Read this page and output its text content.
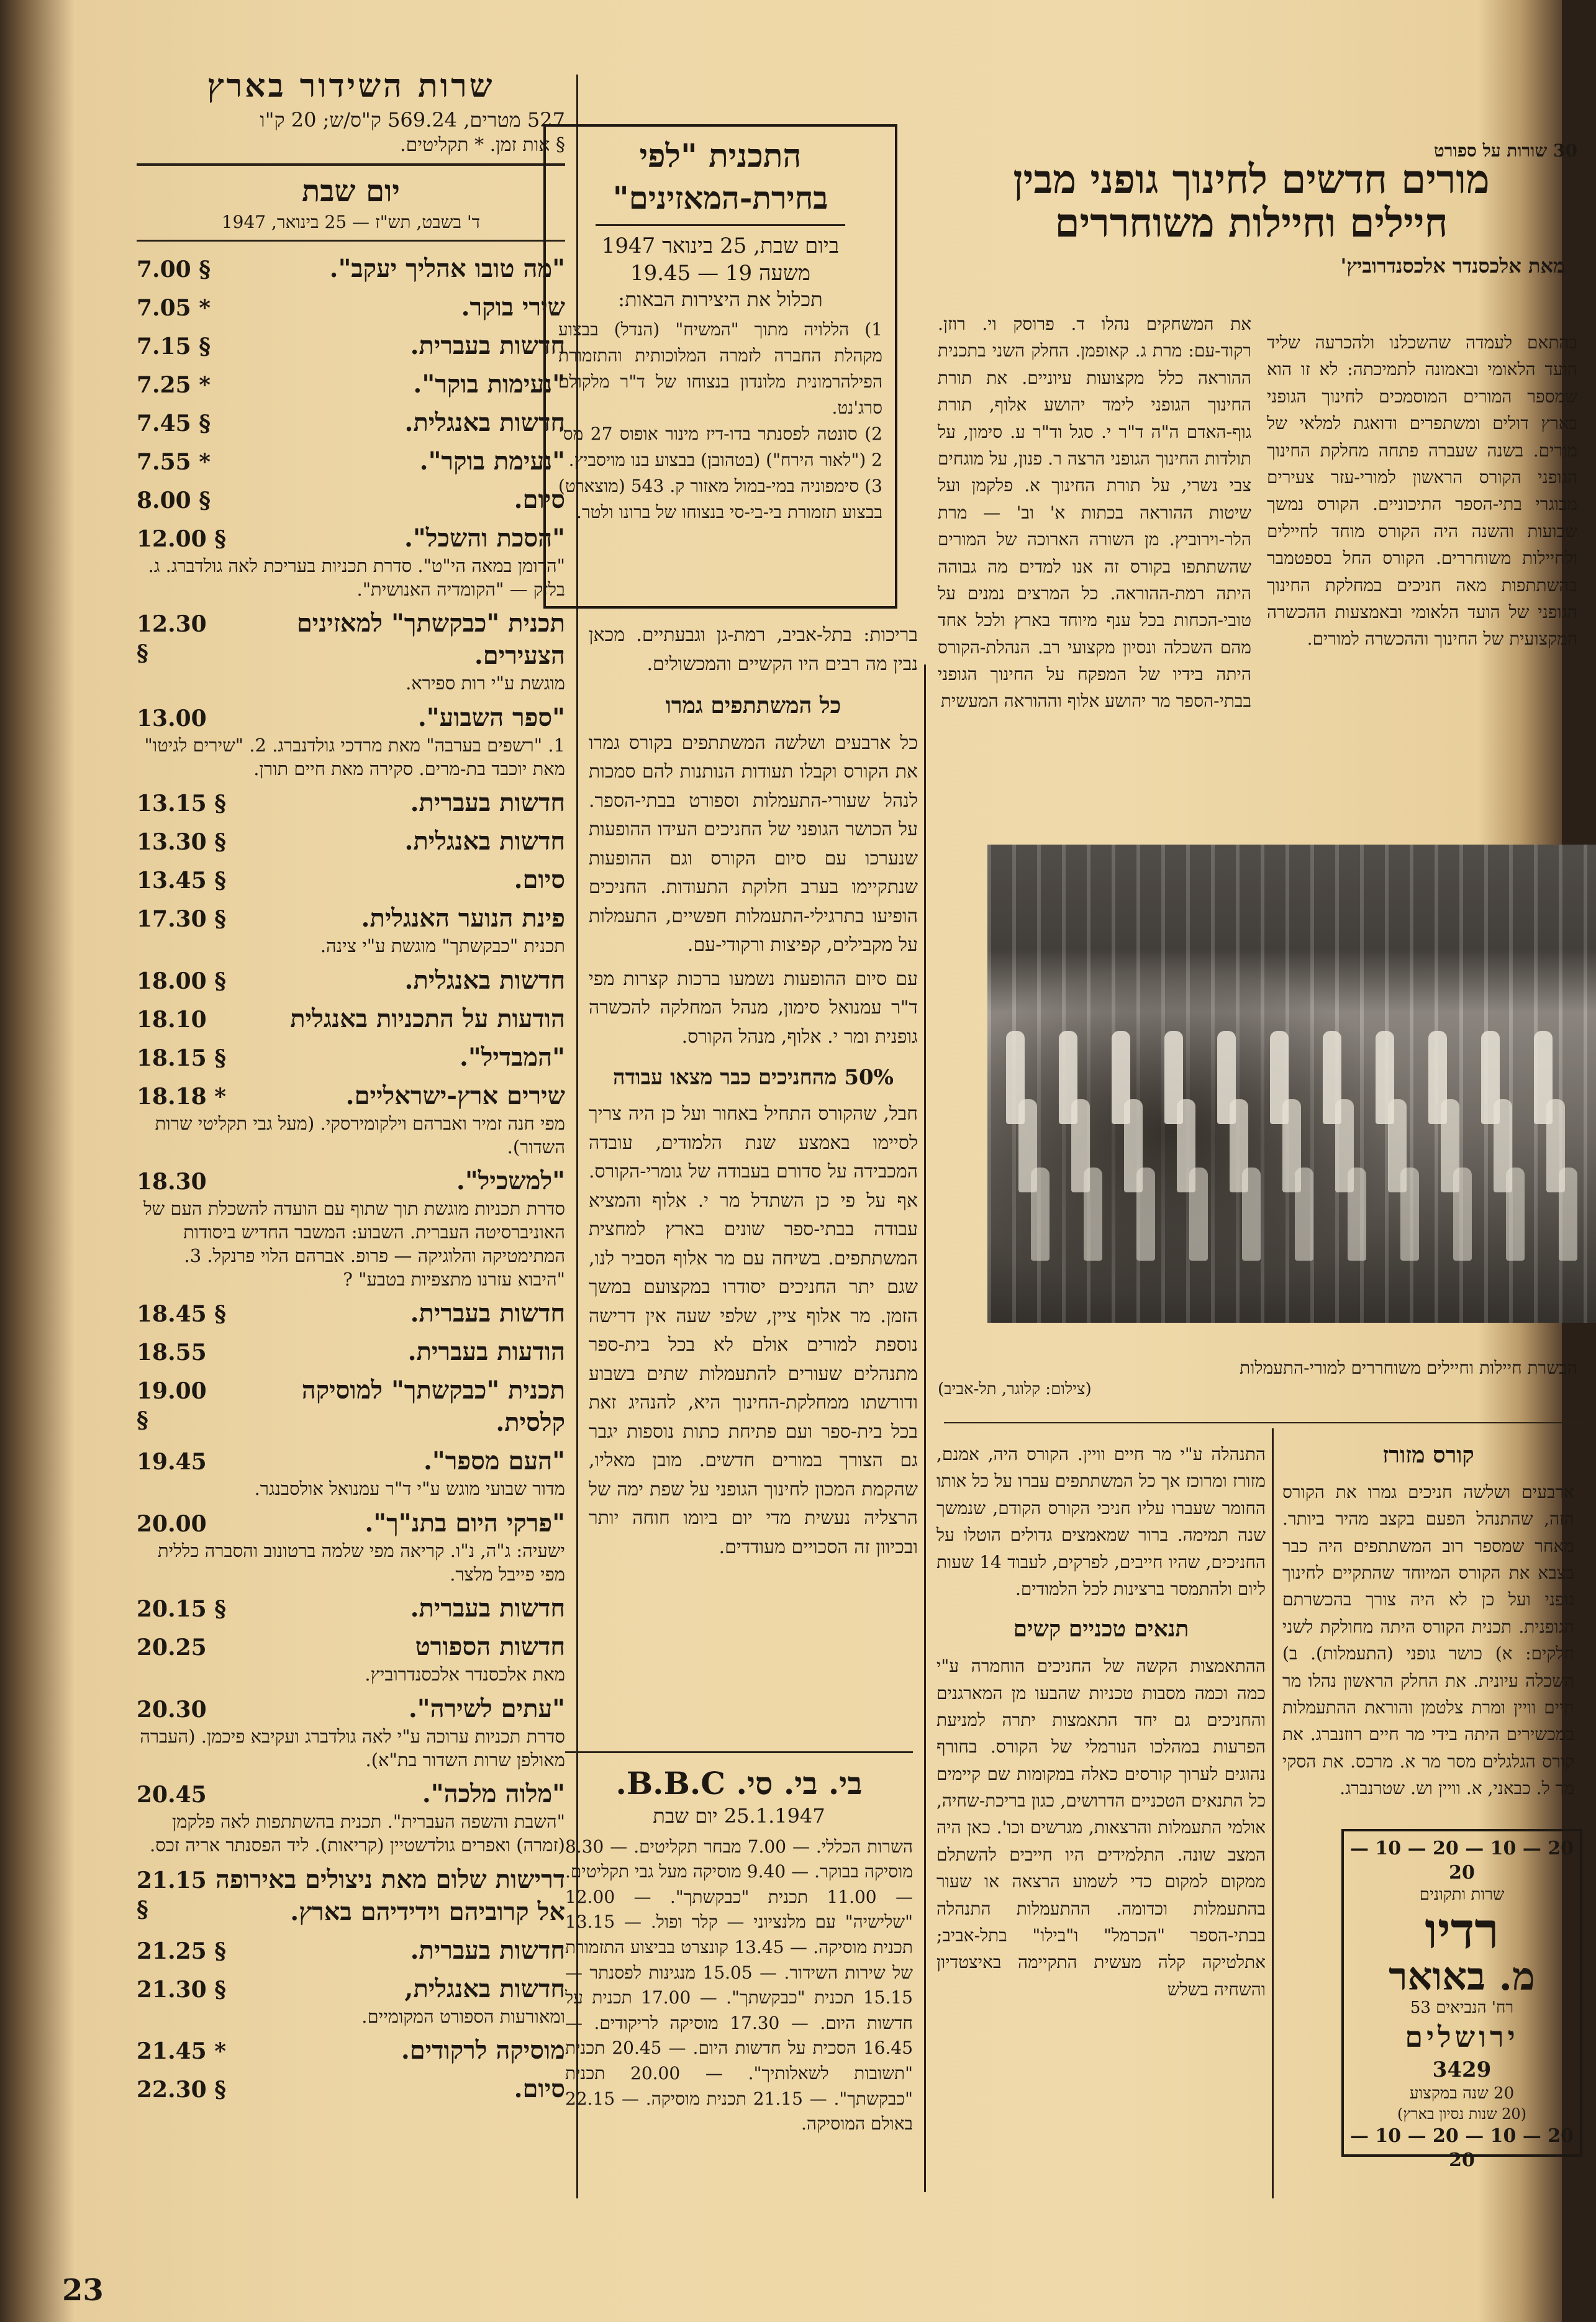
שרות השידור בארץ
527 מטרים, 569.24 ק"ס/ש; 20 ק"ו
§ אות זמן. * תקליטים.
יום שבת
ד' בשבט, תש"ז — 25 בינואר, 1947
"מה טובו אהליך יעקב".
7.00 §
שירי בוקר.
7.05 *
חדשות בעברית.
7.15 §
"נעימות בוקר".
7.25 *
חדשות באנגלית.
7.45 §
"נעימת בוקר".
7.55 *
סיום.
8.00 §
"הסכת והשכל".
12.00 §
"הרומן במאה הי"ט". סדרת תכניות בעריכת לאה גולדברג. ג. בלזק — "הקומדיה האנושית".
תכנית "כבקשתך" למאזינים הצעירים.
12.30 §
מוגשת ע"י רות ספירא.
"ספר השבוע".
13.00
1. "רשפים בערבה" מאת מרדכי גולדנברג. 2. "שירים לגיטו" מאת יוכבד בת-מרים. סקירה מאת חיים תורן.
חדשות בעברית.
13.15 §
חדשות באנגלית.
13.30 §
סיום.
13.45 §
פינת הנוער האנגלית.
17.30 §
תכנית "כבקשתך" מוגשת ע"י צינה.
חדשות באנגלית.
18.00 §
הודעות על התכניות באנגלית
18.10
"המבדיל".
18.15 §
שירים ארץ-ישראליים.
18.18 *
מפי חנה זמיר ואברהם וילקומירסקי. (מעל גבי תקליטי שרות השדור).
"למשכיל".
18.30
סדרת תכניות מוגשת תוך שתוף עם הועדה להשכלת העם של האוניברסיטה העברית. השבוע: המשבר החדיש ביסודות המתימטיקה והלוגיקה — פרופ. אברהם הלוי פרנקל. 3. "היבוא עזרנו מתצפיות בטבע" ?
חדשות בעברית.
18.45 §
הודעות בעברית.
18.55
תכנית "כבקשתך" למוסיקה קלסית.
19.00 §
"העם מספר".
19.45
מדור שבועי מוגש ע"י ד"ר עמנואל אולסבנגר.
"פרקי היום בתנ"ך".
20.00
ישעיה: ג"ה, נ"ו. קריאה מפי שלמה ברטונוב והסברה כללית מפי פייבל מלצר.
חדשות בעברית.
20.15 §
חדשות הספורט
20.25
מאת אלכסנדר אלכסנדרוביץ.
"עתים לשירה".
20.30
סדרת תכניות ערוכה ע"י לאה גולדברג ועקיבא פיכמן. (העברה מאולפן שרות השדור בת"א).
"מלוה מלכה".
20.45
"השבת והשפה העברית". תכנית בהשתתפות לאה פלקמן (זמרה) ואפרים גולדשטיין (קריאות). ליד הפסנתר אריה זכס.
דרישות שלום מאת ניצולים באירופה אל קרוביהם וידידיהם בארץ.
21.15 §
חדשות בעברית.
21.25 §
חדשות באנגלית,
21.30 §
ומאורעות הספורט המקומיים.
מוסיקה לרקודים.
21.45 *
סיום.
22.30 §
התכנית "לפי
בחירת-המאזינים"
ביום שבת, 25 בינואר 1947
משעה 19 — 19.45
תכלול את היצירות הבאות:
1) הללויה מתוך "המשיח" (הנדל) בבצוע מקהלת החברה לזמרה המלוכותית והתזמורת הפילהרמונית מלונדון בנצוחו של ד"ר מלקולם סרג'נט.
2) סונטה לפסנתר בדו-דיז מינור אופוס 27 מס' 2 ("לאור הירח") (בטהובן) בבצוע בנו מויסביץ.
3) סימפוניה במי-במול מאזור ק. 543 (מוצארט) בבצוע תזמורת בי-בי-סי בנצוחו של ברונו ולטר.

בריכות: בתל-אביב, רמת-גן וגבעתיים. מכאן נבין מה רבים היו הקשיים והמכשולים.

כל המשתתפים גמרו

כל ארבעים ושלשה המשתתפים בקורס גמרו את הקורס וקבלו תעודות הנותנות להם סמכות לנהל שעורי-התעמלות וספורט בבתי-הספר. על הכושר הגופני של החניכים העידו ההופעות שנערכו עם סיום הקורס וגם ההופעות שנתקיימו בערב חלוקת התעודות. החניכים הופיעו בתרגילי-התעמלות חפשיים, התעמלות על מקבילים, קפיצות ורקודי-עם.

עם סיום ההופעות נשמעו ברכות קצרות מפי ד"ר עמנואל סימון, מנהל המחלקה להכשרה גופנית ומר י. אלוף, מנהל הקורס.

50% מהחניכים כבר מצאו עבודה

חבל, שהקורס התחיל באחור ועל כן היה צריך לסיימו באמצע שנת הלמודים, עובדה המכבידה על סדורם בעבודה של גומרי-הקורס. אף על פי כן השתדל מר י. אלוף והמציא עבודה בבתי-ספר שונים בארץ למחצית המשתתפים. בשיחה עם מר אלוף הסביר לנו, שגם יתר החניכים יסודרו במקצועם במשך הזמן. מר אלוף ציין, שלפי שעה אין דרישה נוספת למורים אולם לא בכל בית-ספר מתנהלים שעורים להתעמלות שתים בשבוע ודורשתו ממחלקת-החינוך היא, להנהיג זאת בכל בית-ספר ועם פתיחת כתות נוספות יגבר גם הצורך במורים חדשים. מובן מאליו, שהקמת המכון לחינוך הגופני על שפת ימה של הרצליה נעשית מדי יום ביומו חוחה יותר ובכיוון זה הסכויים מעודדים.

בי. בי. סי. B.B.C.
25.1.1947 יום שבת

השרות הכללי. — 7.00 מבחר תקליטים. — 8.30 מוסיקה בבוקר. — 9.40 מוסיקה מעל גבי תקליטים. — 11.00 תכנית "כבקשתך". — 12.00 "שלישיה" עם מלנציוני — קלר ופול. — 13.15 תכנית מוסיקה. — 13.45 קונצרט בביצוע התזמורת של שירות השידור. — 15.05 מנגינות לפסנתר — 15.15 תכנית "כבקשתך". — 17.00 תכנית על חדשות היום. — 17.30 מוסיקה לריקודים. — 16.45 הסכית על חדשות היום. — 20.45 תכנית "תשובות לשאלותיך". — 20.00 תכנית "כבקשתך". — 21.15 תכנית מוסיקה. — 22.15 באולם המוסיקה.

30 שורות על ספורט
מורים חדשים לחינוך גופני מבין
חיילים וחיילות משוחררים
מאת אלכסנדר אלכסנדרוביץ'

בהתאם לעמדה שהשכלנו ולהכרעה שליד הועד הלאומי ובאמונה לתמיכתה: לא זו הוא שמספר המורים המוסמכים לחינוך הגופני בארץ דולים ומשתפרים ודואגת למלאי של מורים. בשנה שעברה פתחה מחלקת החינוך הגופני הקורס הראשון למורי-עזר צעירים מבוגרי בתי-הספר התיכוניים. הקורס נמשך שבועות והשנה היה הקורס מוחד לחיילים ולחיילות משוחררים. הקורס החל בספטמבר בהשתתפות מאה חניכים במחלקת החינוך הגופני של הועד הלאומי ובאמצעות ההכשרה המקצועית של החינוך וההכשרה למורים.

את המשחקים נהלו ד. פרוסק וי. רוזן. רקוד-עם: מרת ג. קאופמן. החלק השני בתכנית ההוראה כלל מקצועות עיוניים. את תורת החינוך הגופני לימד יהושע אלוף, תורת גוף-האדם ה"ה ד"ר י. סגל וד"ר ע. סימון, על תולדות החינוך הגופני הרצה ר. פנון, על מוגחים צבי נשרי, על תורת החינוך א. פלקמן ועל שיטות ההוראה בכתות א' וב' — מרת הלר-וירוביץ. מן השורה הארוכה של המורים שהשתתפו בקורס זה אנו למדים מה גבוהה היתה רמת-ההוראה. כל המרצים נמנים על טובי-הכחות בכל ענף מיוחד בארץ ולכל אחד מהם השכלה ונסיון מקצועי רב. הנהלת-הקורס היתה בידיו של המפקח על החינוך הגופני בבתי-הספר מר יהושע אלוף וההוראה המעשית

הכשרת חיילות וחיילים משוחררים למורי-התעמלות
(צילום: קלוגר, תל-אביב)
קורס מזורז

ארבעים ושלשה חניכים גמרו את הקורס הזה, שהתנהל הפעם בקצב מהיר ביותר. מאחר שמספר רוב המשתתפים היה כבר בצבא את הקורס המיוחד שהתקיים לחינוך גופני ועל כן לא היה צורך בהכשרתם הגופנית. תכנית הקורס היתה מחולקת לשני חלקים: א) כושר גופני (התעמלות). ב) השכלה עיונית. את החלק הראשון נהלו מר חיים וויין ומרת צלטמן והוראת ההתעמלות במכשירים היתה בידי מר חיים רוזנברג. את קורס הגלגלים מסר מר א. מרכס. את הסקי מר ל. כבאני, א. וויין וש. שטרנברג.

התנהלה ע"י מר חיים וויין. הקורס היה, אמנם, מזורז ומרוכז אך כל המשתתפים עברו על כל אותו החומר שעברו עליו חניכי הקורס הקודם, שנמשך שנה תמימה. ברור שמאמצים גדולים הוטלו על החניכים, שהיו חייבים, לפרקים, לעבוד 14 שעות ליום ולהתמסר ברצינות לכל הלמודים.

תנאים טכניים קשים

ההתאמצות הקשה של החניכים הוחמרה ע"י כמה וכמה מסבות טכניות שהבעו מן המארגנים והחניכים גם יחד התאמצות יתרה למניעת הפרעות במהלכו הנורמלי של הקורס. בחורף נהוגים לערוך קורסים כאלה במקומות שם קיימים כל התנאים הטכניים הדרושים, כגון בריכת-שחיה, אולמי התעמלות והרצאות, מגרשים וכו'. כאן היה המצב שונה. התלמידים היו חייבים להשתלם ממקום למקום כדי לשמוע הרצאה או שעור בהתעמלות וכדומה. ההתעמלות התנהלה בבתי-הספר "הכרמל" ו"בילו" בתל-אביב; אתלטיקה קלה מעשית התקיימה באיצטדיון והשחיה בשלש

20 — 10 — 20 — 10 — 20
שרות ותקונים
רדיו
מ. באואר
רח' הנביאים 53
ירושלים
3429
20 שנה במקצוע
(20 שנות נסיון בארץ)
20 — 10 — 20 — 10 — 20
23
